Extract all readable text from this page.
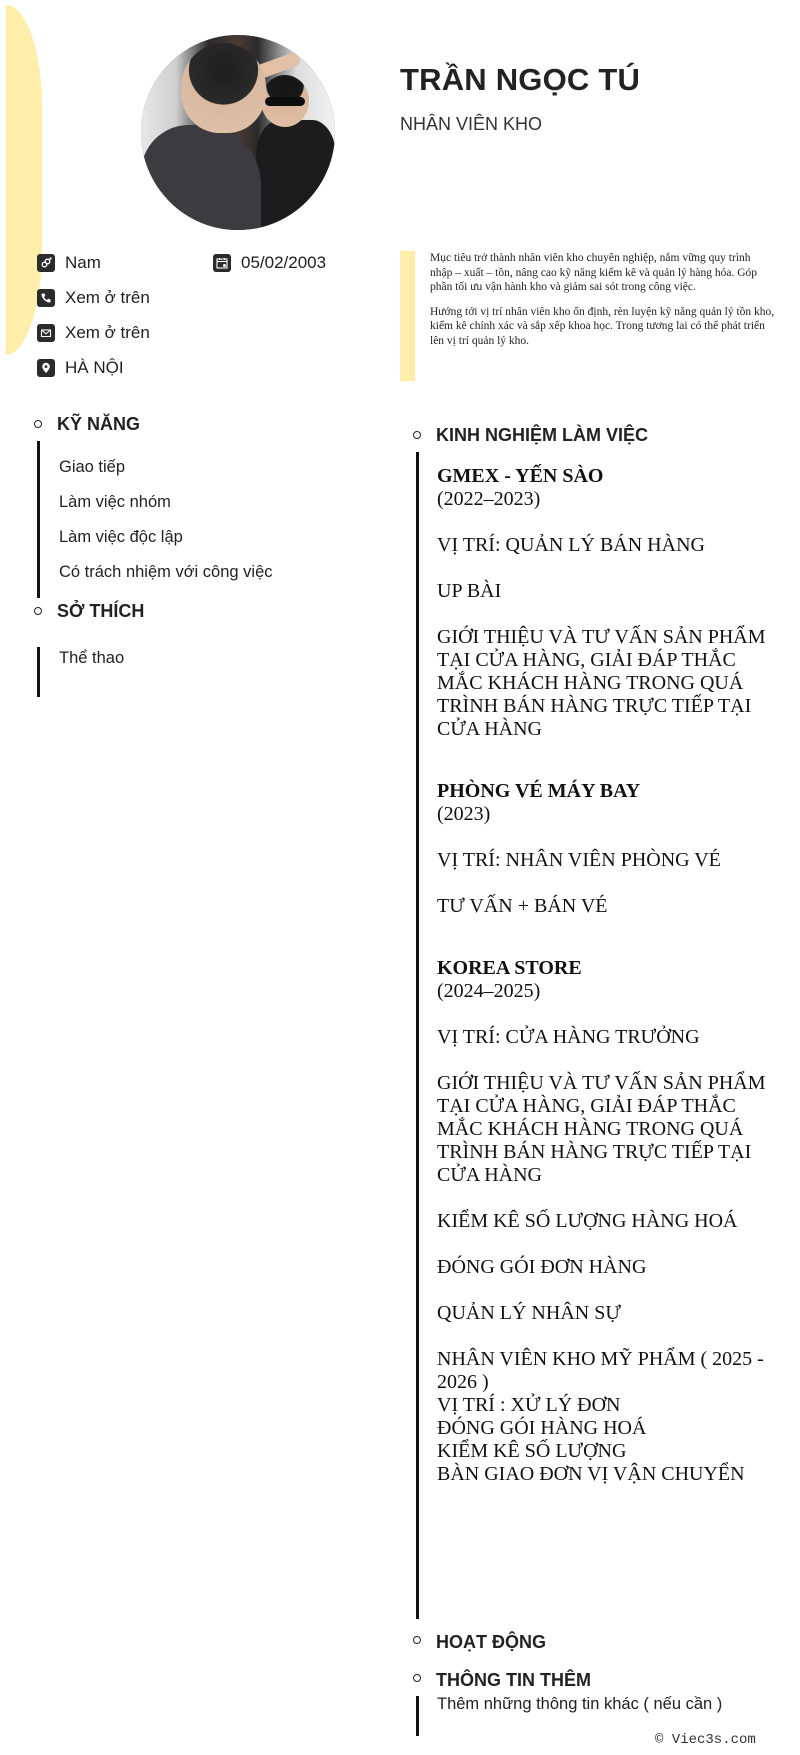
TRẦN NGỌC TÚ
NHÂN VIÊN KHO
Nam	05/02/2003
Xem ở trên
Xem ở trên
HÀ NỘI

Mục tiêu trở thành nhân viên kho chuyên nghiệp, nắm vững quy trình nhập – xuất – tồn, nâng cao kỹ năng kiểm kê và quản lý hàng hóa. Góp phần tối ưu vận hành kho và giảm sai sót trong công việc.

Hướng tới vị trí nhân viên kho ổn định, rèn luyện kỹ năng quản lý tồn kho, kiểm kê chính xác và sắp xếp khoa học. Trong tương lai có thể phát triển lên vị trí quản lý kho.

KỸ NĂNG
Giao tiếp
Làm việc nhóm
Làm việc độc lập
Có trách nhiệm với công việc
SỞ THÍCH
Thể thao
KINH NGHIỆM LÀM VIỆC
GMEX - YẾN SÀO
(2022–2023)
VỊ TRÍ: QUẢN LÝ BÁN HÀNG
UP BÀI
GIỚI THIỆU VÀ TƯ VẤN SẢN PHẨM TẠI CỬA HÀNG, GIẢI ĐÁP THẮC MẮC KHÁCH HÀNG TRONG QUÁ TRÌNH BÁN HÀNG TRỰC TIẾP TẠI CỬA HÀNG
PHÒNG VÉ MÁY BAY
(2023)
VỊ TRÍ: NHÂN VIÊN PHÒNG VÉ
TƯ VẤN + BÁN VÉ
KOREA STORE
(2024–2025)
VỊ TRÍ: CỬA HÀNG TRƯỞNG
GIỚI THIỆU VÀ TƯ VẤN SẢN PHẨM TẠI CỬA HÀNG, GIẢI ĐÁP THẮC MẮC KHÁCH HÀNG TRONG QUÁ TRÌNH BÁN HÀNG TRỰC TIẾP TẠI CỬA HÀNG
KIỂM KÊ SỐ LƯỢNG HÀNG HOÁ
ĐÓNG GÓI ĐƠN HÀNG
QUẢN LÝ NHÂN SỰ
NHÂN VIÊN KHO MỸ PHẨM ( 2025 - 2026 )
VỊ TRÍ : XỬ LÝ ĐƠN
ĐÓNG GÓI HÀNG HOÁ
KIỂM KÊ SỐ LƯỢNG
BÀN GIAO ĐƠN VỊ VẬN CHUYỂN
HOẠT ĐỘNG
THÔNG TIN THÊM
Thêm những thông tin khác ( nếu cần )
© Viec3s.com
